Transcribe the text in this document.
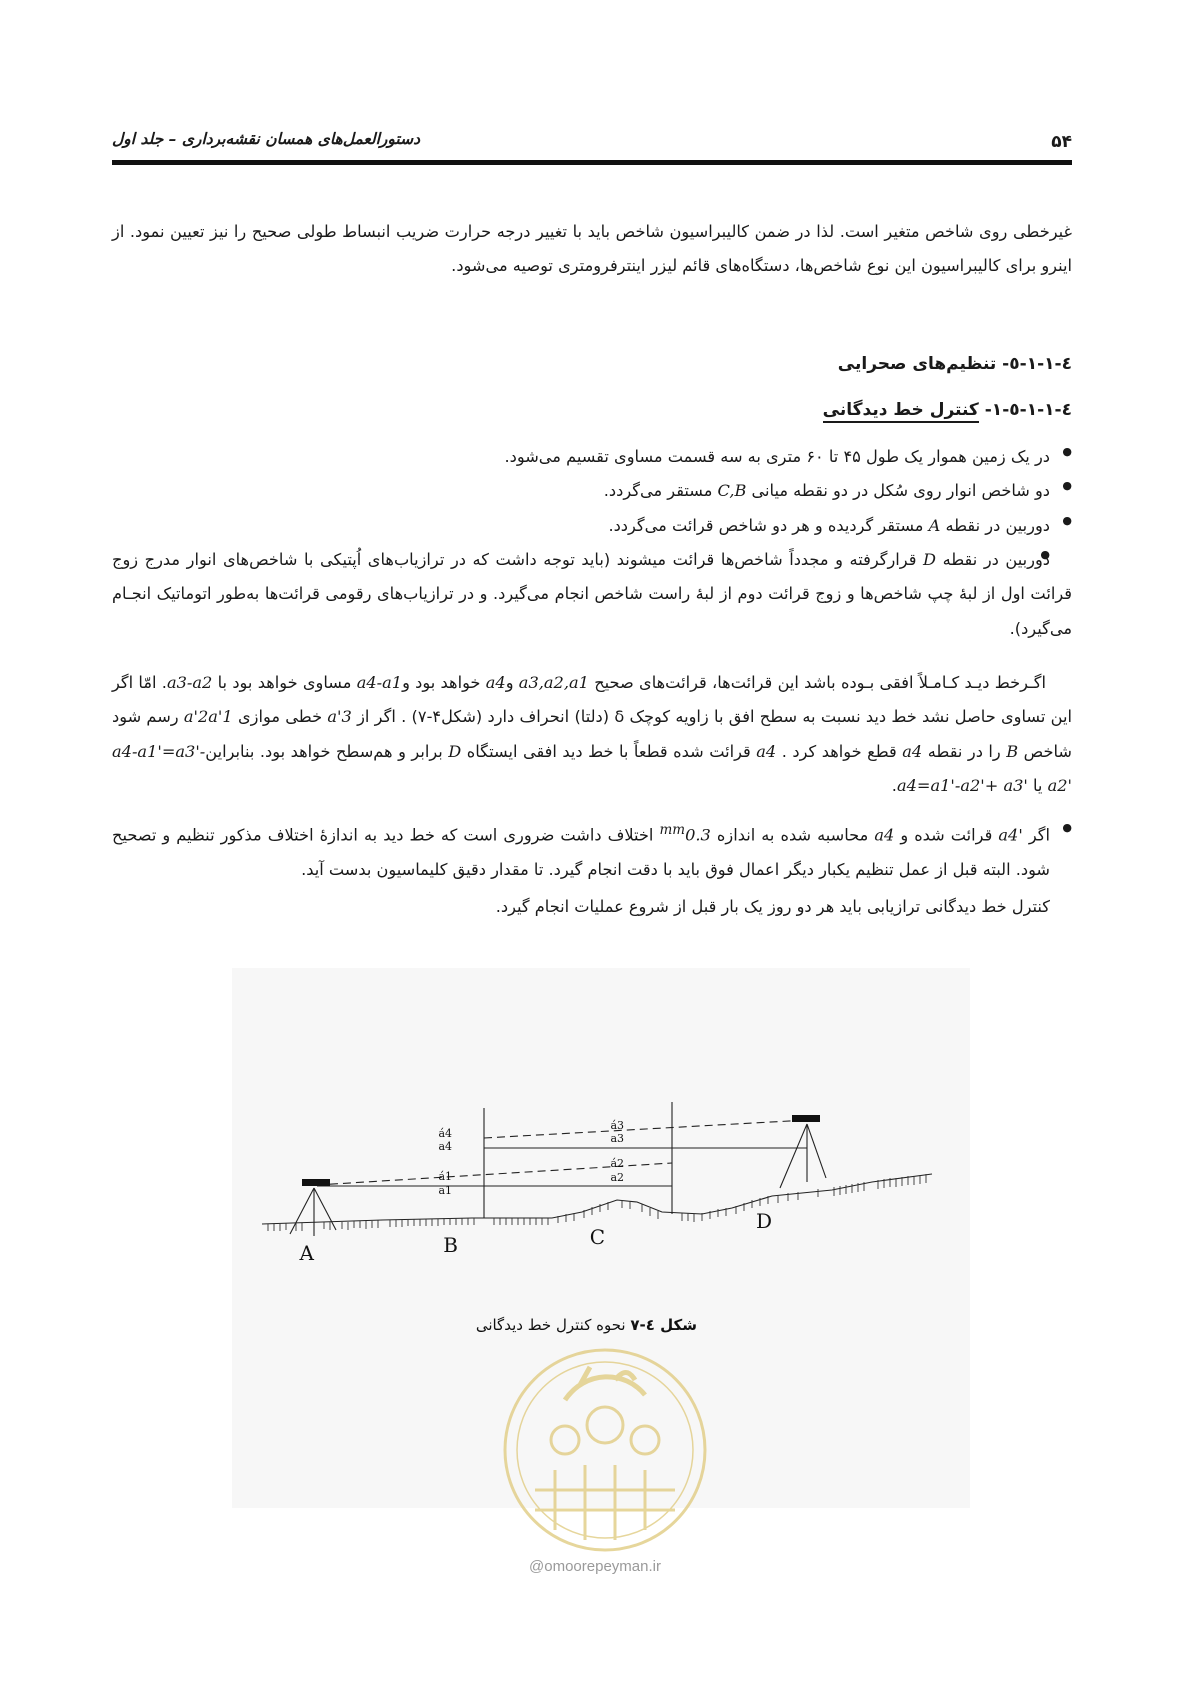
دستورالعمل‌های همسان نقشه‌برداری – جلد اول	۵۴

غیرخطی روی شاخص متغیر است. لذا در ضمن کالیبراسیون شاخص باید با تغییر درجه حرارت ضریب انبساط طولی صحیح را نیز تعیین نمود. از اینرو برای کالیبراسیون این نوع شاخص‌ها، دستگاه‌های قائم لیزر اینترفرومتری توصیه می‌شود.

٤-١-١-٥- تنظیم‌های صحرایی
٤-١-١-٥-١- کنترل خط دیدگانی
● در یک زمین هموار یک طول ۴۵ تا ۶۰ متری به سه قسمت مساوی تقسیم می‌شود.
● دو شاخص انوار روی سُکل در دو نقطه میانی C,B مستقر می‌گردد.
● دوربین در نقطه A مستقر گردیده و هر دو شاخص قرائت می‌گردد.
● دوربین در نقطه D قرارگرفته و مجدداً شاخص‌ها قرائت میشوند (باید توجه داشت که در ترازیاب‌های اُپتیکی با شاخص‌های انوار مدرج زوج قرائت اول از لبهٔ چپ شاخص‌ها و زوج قرائت دوم از لبهٔ راست شاخص انجام می‌گیرد. و در ترازیاب‌های رقومی قرائت‌ها به‌طور اتوماتیک انجـام می‌گیرد).

اگـرخط دیـد کـامـلاً افقی بـوده باشد این قرائت‌ها، قرائت‌های صحیح a3,a2,a1 وa4 خواهد بود وa4-a1 مساوی خواهد بود با a3-a2. امّا اگر این تساوی حاصل نشد خط دید نسبت به سطح افق با زاویه کوچک δ (دلتا) انحراف دارد (شکل۴-۷) . اگر از a'3 خطی موازی a'2a'1 رسم شود شاخص B را در نقطه a4 قطع خواهد کرد . a4 قرائت شده قطعاً با خط دید افقی ایستگاه D برابر و هم‌سطح خواهد بود. بنابراینa4-a1'=a3'-a2' یا a4=a1'-a2'+ a3'.

● اگر a4' قرائت شده و a4 محاسبه شده به اندازه $0.3^{mm}$ اختلاف داشت ضروری است که خط دید به اندازهٔ اختلاف مذکور تنظیم و تصحیح شود. البته قبل از عمل تنظیم یکبار دیگر اعمال فوق باید با دقت انجام گیرد. تا مقدار دقیق کلیماسیون بدست آید.

کنترل خط دیدگانی ترازیابی باید هر دو روز یک بار قبل از شروع عملیات انجام گیرد.

á4
a4
á1
a1
á3
a3
á2
a2
A	B	C
D
شکل ٤-۷ نحوه کنترل خط دیدگانی
@omoorepeyman.ir
